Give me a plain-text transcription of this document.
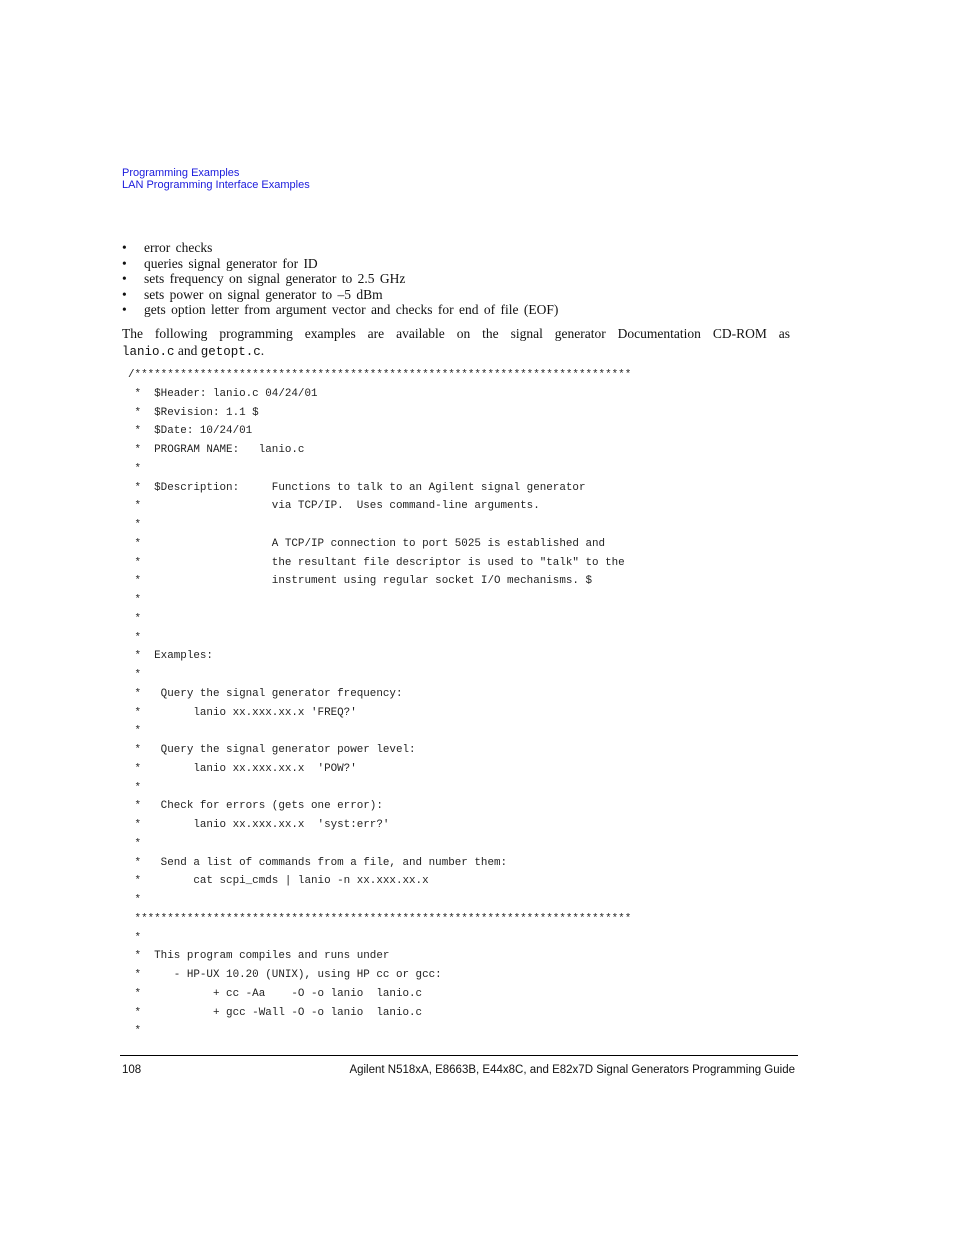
Programming Examples
LAN Programming Interface Examples
• error checks
• queries signal generator for ID
• sets frequency on signal generator to 2.5 GHz
• sets power on signal generator to –5 dBm
• gets option letter from argument vector and checks for end of file (EOF)
The following programming examples are available on the signal generator Documentation CD-ROM as
lanio.c and getopt.c.
/****************************************************************************
*  $Header: lanio.c 04/24/01
*  $Revision: 1.1 $
*  $Date: 10/24/01
*  PROGRAM NAME:   lanio.c
*
*  $Description:     Functions to talk to an Agilent signal generator
*                    via TCP/IP.  Uses command-line arguments.
*
*                    A TCP/IP connection to port 5025 is established and
*                    the resultant file descriptor is used to "talk" to the
*                    instrument using regular socket I/O mechanisms. $
*
*
*
*  Examples:
*
*   Query the signal generator frequency:
*        lanio xx.xxx.xx.x 'FREQ?'
*
*   Query the signal generator power level:
*        lanio xx.xxx.xx.x  'POW?'
*
*   Check for errors (gets one error):
*        lanio xx.xxx.xx.x  'syst:err?'
*
*   Send a list of commands from a file, and number them:
*        cat scpi_cmds | lanio -n xx.xxx.xx.x
*
****************************************************************************
*
*  This program compiles and runs under
*     - HP-UX 10.20 (UNIX), using HP cc or gcc:
*           + cc -Aa    -O -o lanio  lanio.c
*           + gcc -Wall -O -o lanio  lanio.c
*
108	Agilent N518xA, E8663B, E44x8C, and E82x7D Signal Generators Programming Guide
